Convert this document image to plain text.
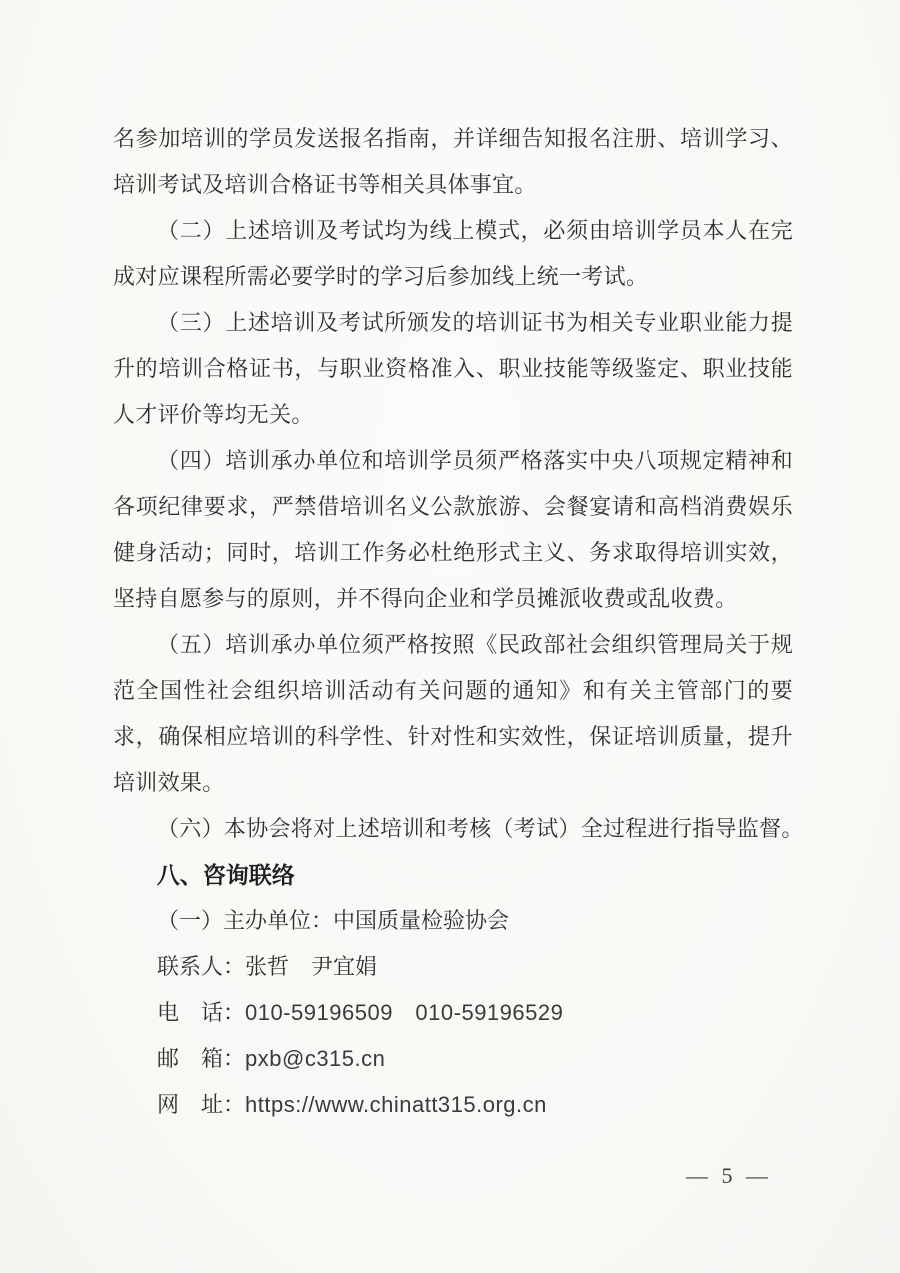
名参加培训的学员发送报名指南，并详细告知报名注册、培训学习、培训考试及培训合格证书等相关具体事宜。

（二）上述培训及考试均为线上模式，必须由培训学员本人在完成对应课程所需必要学时的学习后参加线上统一考试。

（三）上述培训及考试所颁发的培训证书为相关专业职业能力提升的培训合格证书，与职业资格准入、职业技能等级鉴定、职业技能人才评价等均无关。

（四）培训承办单位和培训学员须严格落实中央八项规定精神和各项纪律要求，严禁借培训名义公款旅游、会餐宴请和高档消费娱乐健身活动；同时，培训工作务必杜绝形式主义、务求取得培训实效，坚持自愿参与的原则，并不得向企业和学员摊派收费或乱收费。

（五）培训承办单位须严格按照《民政部社会组织管理局关于规范全国性社会组织培训活动有关问题的通知》和有关主管部门的要求，确保相应培训的科学性、针对性和实效性，保证培训质量，提升培训效果。

（六）本协会将对上述培训和考核（考试）全过程进行指导监督。

八、咨询联络

（一）主办单位：中国质量检验协会

联系人：张哲　尹宜娟

电　话：010-59196509　010-59196529

邮　箱：pxb@c315.cn

网　址：https://www.chinatt315.org.cn

— 5 —
